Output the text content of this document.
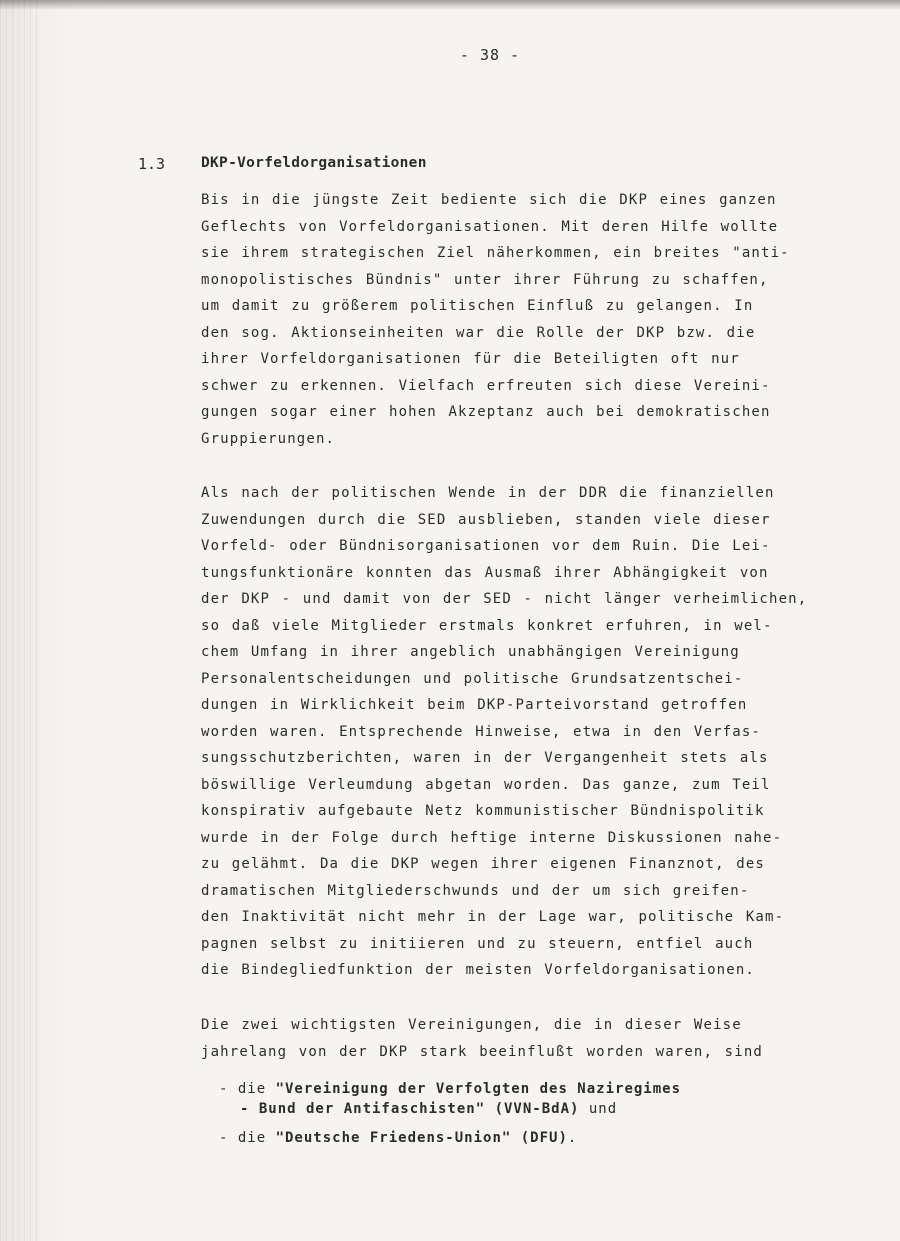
- 38 -
1.3 DKP-Vorfeldorganisationen
Bis in die jüngste Zeit bediente sich die DKP eines ganzen
Geflechts von Vorfeldorganisationen. Mit deren Hilfe wollte
sie ihrem strategischen Ziel näherkommen, ein breites "anti-
monopolistisches Bündnis" unter ihrer Führung zu schaffen,
um damit zu größerem politischen Einfluß zu gelangen. In
den sog. Aktionseinheiten war die Rolle der DKP bzw. die
ihrer Vorfeldorganisationen für die Beteiligten oft nur
schwer zu erkennen. Vielfach erfreuten sich diese Vereini-
gungen sogar einer hohen Akzeptanz auch bei demokratischen
Gruppierungen.
Als nach der politischen Wende in der DDR die finanziellen
Zuwendungen durch die SED ausblieben, standen viele dieser
Vorfeld- oder Bündnisorganisationen vor dem Ruin. Die Lei-
tungsfunktionäre konnten das Ausmaß ihrer Abhängigkeit von
der DKP - und damit von der SED - nicht länger verheimlichen,
so daß viele Mitglieder erstmals konkret erfuhren, in wel-
chem Umfang in ihrer angeblich unabhängigen Vereinigung
Personalentscheidungen und politische Grundsatzentschei-
dungen in Wirklichkeit beim DKP-Parteivorstand getroffen
worden waren. Entsprechende Hinweise, etwa in den Verfas-
sungsschutzberichten, waren in der Vergangenheit stets als
böswillige Verleumdung abgetan worden. Das ganze, zum Teil
konspirativ aufgebaute Netz kommunistischer Bündnispolitik
wurde in der Folge durch heftige interne Diskussionen nahe-
zu gelähmt. Da die DKP wegen ihrer eigenen Finanznot, des
dramatischen Mitgliederschwunds und der um sich greifen-
den Inaktivität nicht mehr in der Lage war, politische Kam-
pagnen selbst zu initiieren und zu steuern, entfiel auch
die Bindegliedfunktion der meisten Vorfeldorganisationen.
Die zwei wichtigsten Vereinigungen, die in dieser Weise
jahrelang von der DKP stark beeinflußt worden waren, sind
- die "Vereinigung der Verfolgten des Naziregimes
- Bund der Antifaschisten" (VVN-BdA) und
- die "Deutsche Friedens-Union" (DFU).
